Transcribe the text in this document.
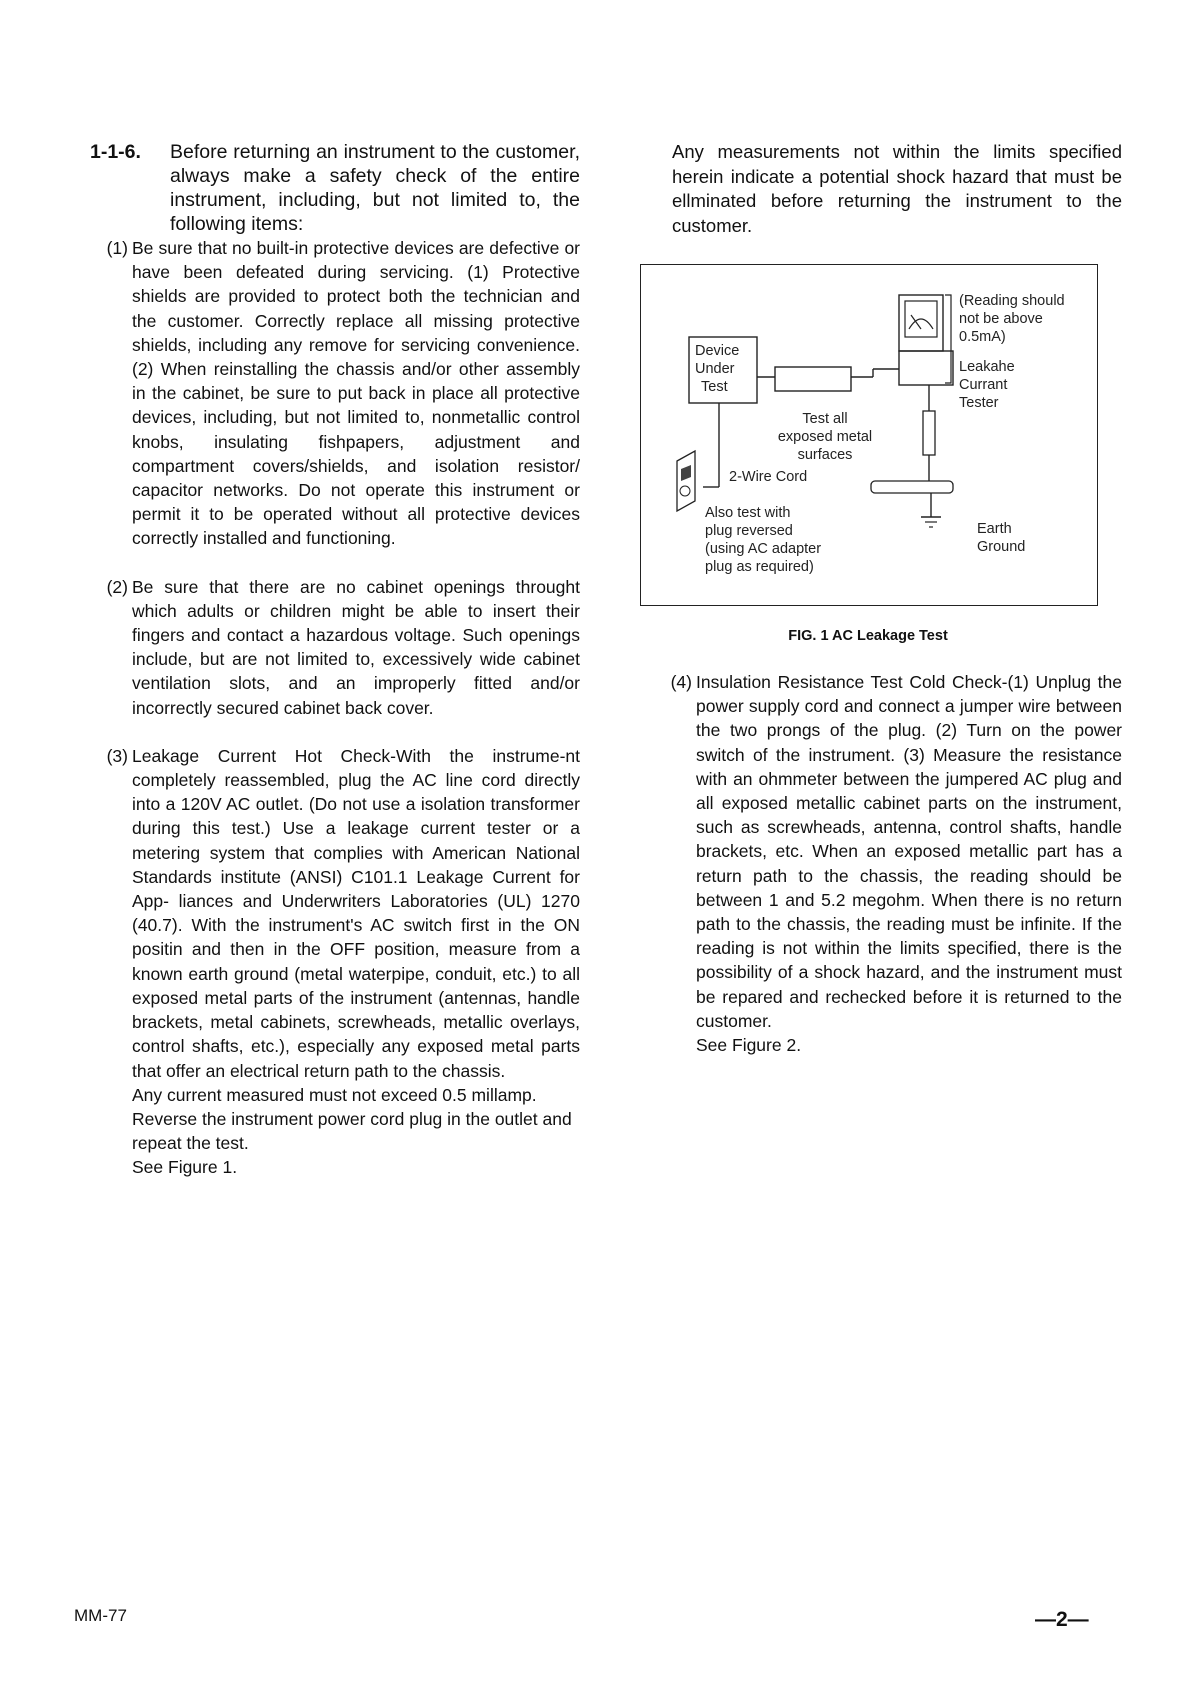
1-1-6.	Before returning an instrument to the customer, always make a safety check of the entire instrument, including, but not limited to, the following items:
(1) Be sure that no built-in protective devices are defective or have been defeated during servicing. (1) Protective shields are provided to protect both the technician and the customer. Correctly replace all missing protective shields, including any remove for servicing convenience. (2) When reinstalling the chassis and/or other assembly in the cabinet, be sure to put back in place all protective devices, including, but not limited to, nonmetallic control knobs, insulating fishpapers, adjustment and compartment covers/shields, and isolation resistor/ capacitor networks. Do not operate this instrument or permit it to be operated without all protective devices correctly installed and functioning.
(2) Be sure that there are no cabinet openings throught which adults or children might be able to insert their fingers and contact a hazardous voltage. Such openings include, but are not limited to, excessively wide cabinet ventilation slots, and an improperly fitted and/or incorrectly secured cabinet back cover.
(3) Leakage Current Hot Check-With the instrume-nt completely reassembled, plug the AC line cord directly into a 120V AC outlet. (Do not use a isolation transformer during this test.) Use a leakage current tester or a metering system that complies with American National Standards institute (ANSI) C101.1 Leakage Current for App- liances and Underwriters Laboratories (UL) 1270 (40.7). With the instrument's AC switch first in the ON positin and then in the OFF position, measure from a known earth ground (metal waterpipe, conduit, etc.) to all exposed metal parts of the instrument (antennas, handle brackets, metal cabinets, screwheads, metallic overlays, control shafts, etc.), especially any exposed metal parts that offer an electrical return path to the chassis.
Any current measured must not exceed 0.5 millamp. Reverse the instrument power cord plug in the outlet and repeat the test.
See Figure 1.
Any measurements not within the limits specified herein indicate a potential shock hazard that must be ellminated before returning the instrument to the customer.
(Reading should
not be above
0.5mA)
Leakahe
Currant
Tester
Device
Under
Test
Test all
exposed metal
surfaces
2-Wire Cord
Also test with
plug reversed
(using AC adapter
plug as required)
Earth
Ground
FIG. 1 AC Leakage Test
(4) Insulation Resistance Test Cold Check-(1) Unplug the power supply cord and connect a jumper wire between the two prongs of the plug. (2) Turn on the power switch of the instrument. (3) Measure the resistance with an ohmmeter between the jumpered AC plug and all exposed metallic cabinet parts on the instrument, such as screwheads, antenna, control shafts, handle brackets, etc. When an exposed metallic part has a return path to the chassis, the reading should be between 1 and 5.2 megohm. When there is no return path to the chassis, the reading must be infinite. If the reading is not within the limits specified, there is the possibility of a shock hazard, and the instrument must be repared and rechecked before it is returned to the customer.
See Figure 2.
MM-77	—2—
